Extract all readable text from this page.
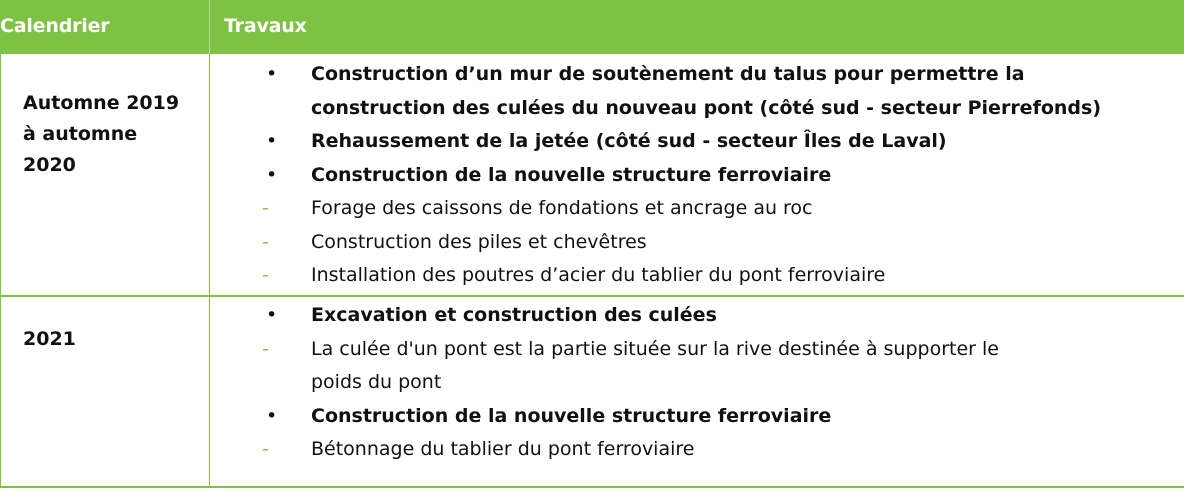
Calendrier	Travaux
Automne 2019
à automne
2020
2021
• Construction d’un mur de soutènement du talus pour permettre la
construction des culées du nouveau pont (côté sud - secteur Pierrefonds)
• Rehaussement de la jetée (côté sud - secteur Îles de Laval)
• Construction de la nouvelle structure ferroviaire
- Forage des caissons de fondations et ancrage au roc
- Construction des piles et chevêtres
- Installation des poutres d’acier du tablier du pont ferroviaire
• Excavation et construction des culées
- La culée d'un pont est la partie située sur la rive destinée à supporter le
poids du pont
• Construction de la nouvelle structure ferroviaire
- Bétonnage du tablier du pont ferroviaire
